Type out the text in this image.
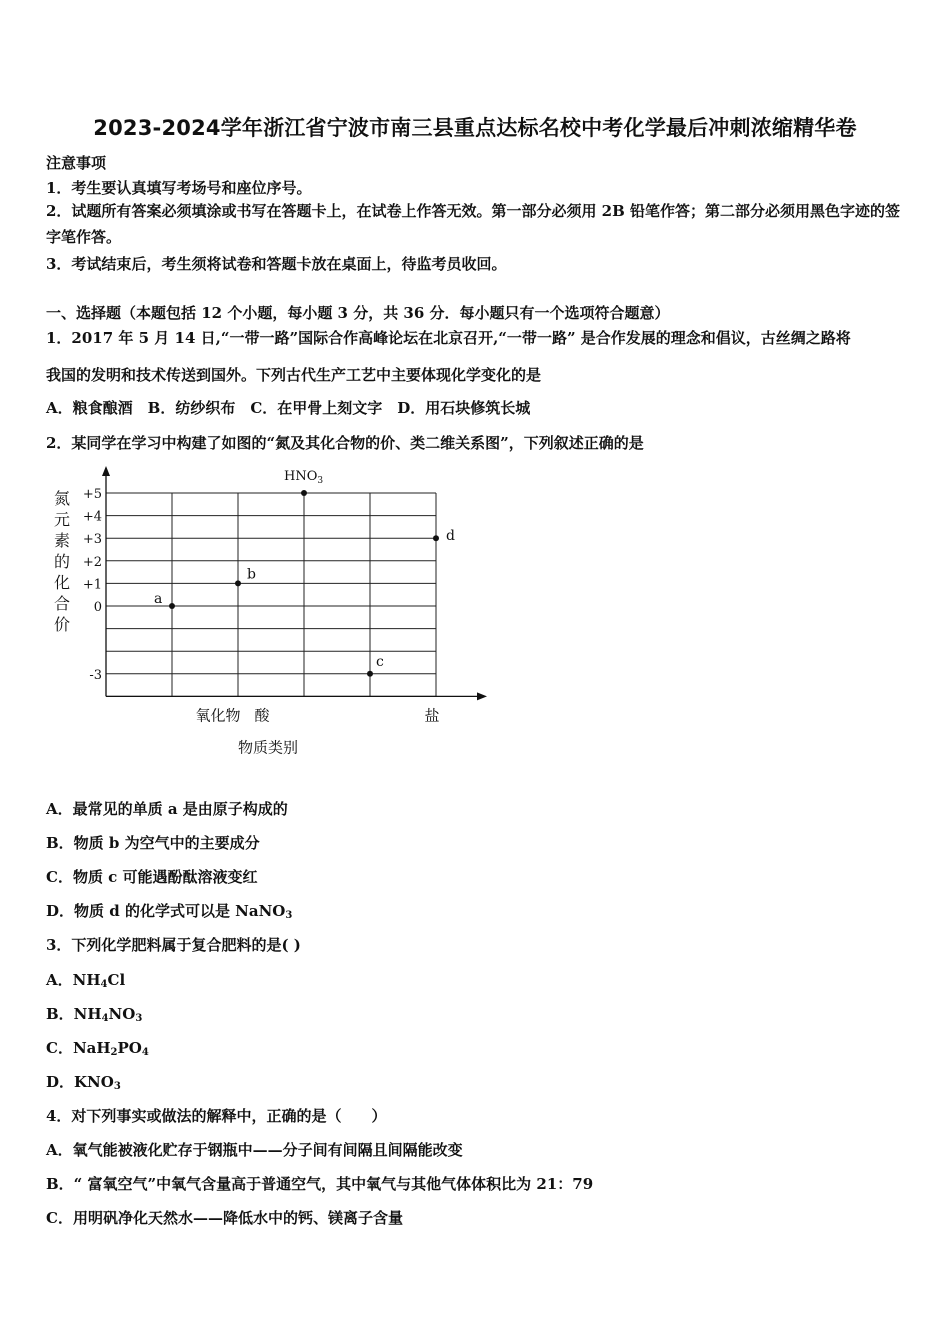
2023-2024学年浙江省宁波市南三县重点达标名校中考化学最后冲刺浓缩精华卷
注意事项
1．考生要认真填写考场号和座位序号。
2．试题所有答案必须填涂或书写在答题卡上，在试卷上作答无效。第一部分必须用 2B 铅笔作答；第二部分必须用黑色字迹的签字笔作答。
3．考试结束后，考生须将试卷和答题卡放在桌面上，待监考员收回。
一、选择题（本题包括 12 个小题，每小题 3 分，共 36 分．每小题只有一个选项符合题意）
1．2017 年 5 月 14 日,“一带一路”国际合作高峰论坛在北京召开,“一带一路” 是合作发展的理念和倡议，古丝绸之路将
我国的发明和技术传送到国外。下列古代生产工艺中主要体现化学变化的是
A．粮食酿酒　B．纺纱织布　C．在甲骨上刻文字　D．用石块修筑长城
2．某同学在学习中构建了如图的“氮及其化合物的价、类二维关系图”，下列叙述正确的是
+5
+4
+3
+2
+1
0
-3
氮
元
素
的
化
合
价
氧化物 酸	盐
物质类别
a
b
$HNO_3$
c
d
A．最常见的单质 a 是由原子构成的
B．物质 b 为空气中的主要成分
C．物质 c 可能遇酚酞溶液变红
D．物质 d 的化学式可以是 NaNO$_3$
3．下列化学肥料属于复合肥料的是( )
A．$NH_4Cl$
B．$NH_4NO_3$
C．$NaH_2PO_4$
D．$KNO_3$
4．对下列事实或做法的解释中，正确的是（　　）
A．氧气能被液化贮存于钢瓶中——分子间有间隔且间隔能改变
B．“ 富氧空气”中氧气含量高于普通空气，其中氧气与其他气体体积比为 21：79
C．用明矾净化天然水——降低水中的钙、镁离子含量
